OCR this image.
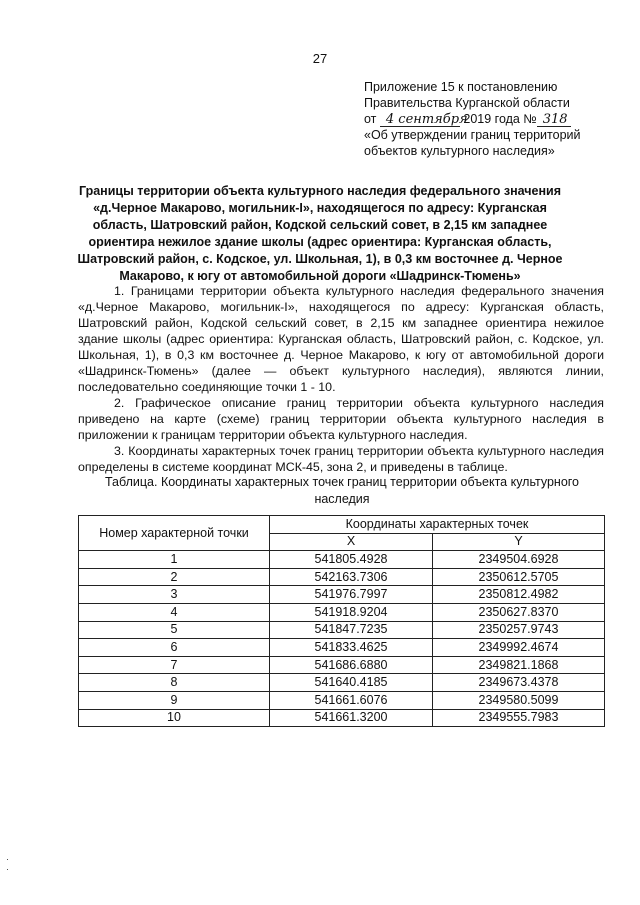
27
Приложение 15 к постановлению
Правительства Курганской области
от 4 сентября 2019 года № 318
«Об утверждении границ территорий
объектов культурного наследия»
Границы территории объекта культурного наследия федерального значения «д.Черное Макарово, могильник-I», находящегося по адресу: Курганская область, Шатровский район, Кодской сельский совет, в 2,15 км западнее ориентира нежилое здание школы (адрес ориентира: Курганская область, Шатровский район, с. Кодское, ул. Школьная, 1), в 0,3 км восточнее д. Черное Макарово, к югу от автомобильной дороги «Шадринск-Тюмень»

1. Границами территории объекта культурного наследия федерального значения «д.Черное Макарово, могильник-I», находящегося по адресу: Курганская область, Шатровский район, Кодской сельский совет, в 2,15 км западнее ориентира нежилое здание школы (адрес ориентира: Курганская область, Шатровский район, с. Кодское, ул. Школьная, 1), в 0,3 км восточнее д. Черное Макарово, к югу от автомобильной дороги «Шадринск-Тюмень» (далее — объект культурного наследия), являются линии, последовательно соединяющие точки 1 - 10.

2. Графическое описание границ территории объекта культурного наследия приведено на карте (схеме) границ территории объекта культурного наследия в приложении к границам территории объекта культурного наследия.

3. Координаты характерных точек границ территории объекта культурного наследия определены в системе координат МСК-45, зона 2, и приведены в таблице.

Таблица. Координаты характерных точек границ территории объекта культурного наследия
Номер характерной точки	Координаты характерных точек	
	X	Y
1	541805.4928	2349504.6928
2	542163.7306	2350612.5705
3	541976.7997	2350812.4982
4	541918.9204	2350627.8370
5	541847.7235	2350257.9743
6	541833.4625	2349992.4674
7	541686.6880	2349821.1868
8	541640.4185	2349673.4378
9	541661.6076	2349580.5099
10	541661.3200	2349555.7983
·
·
